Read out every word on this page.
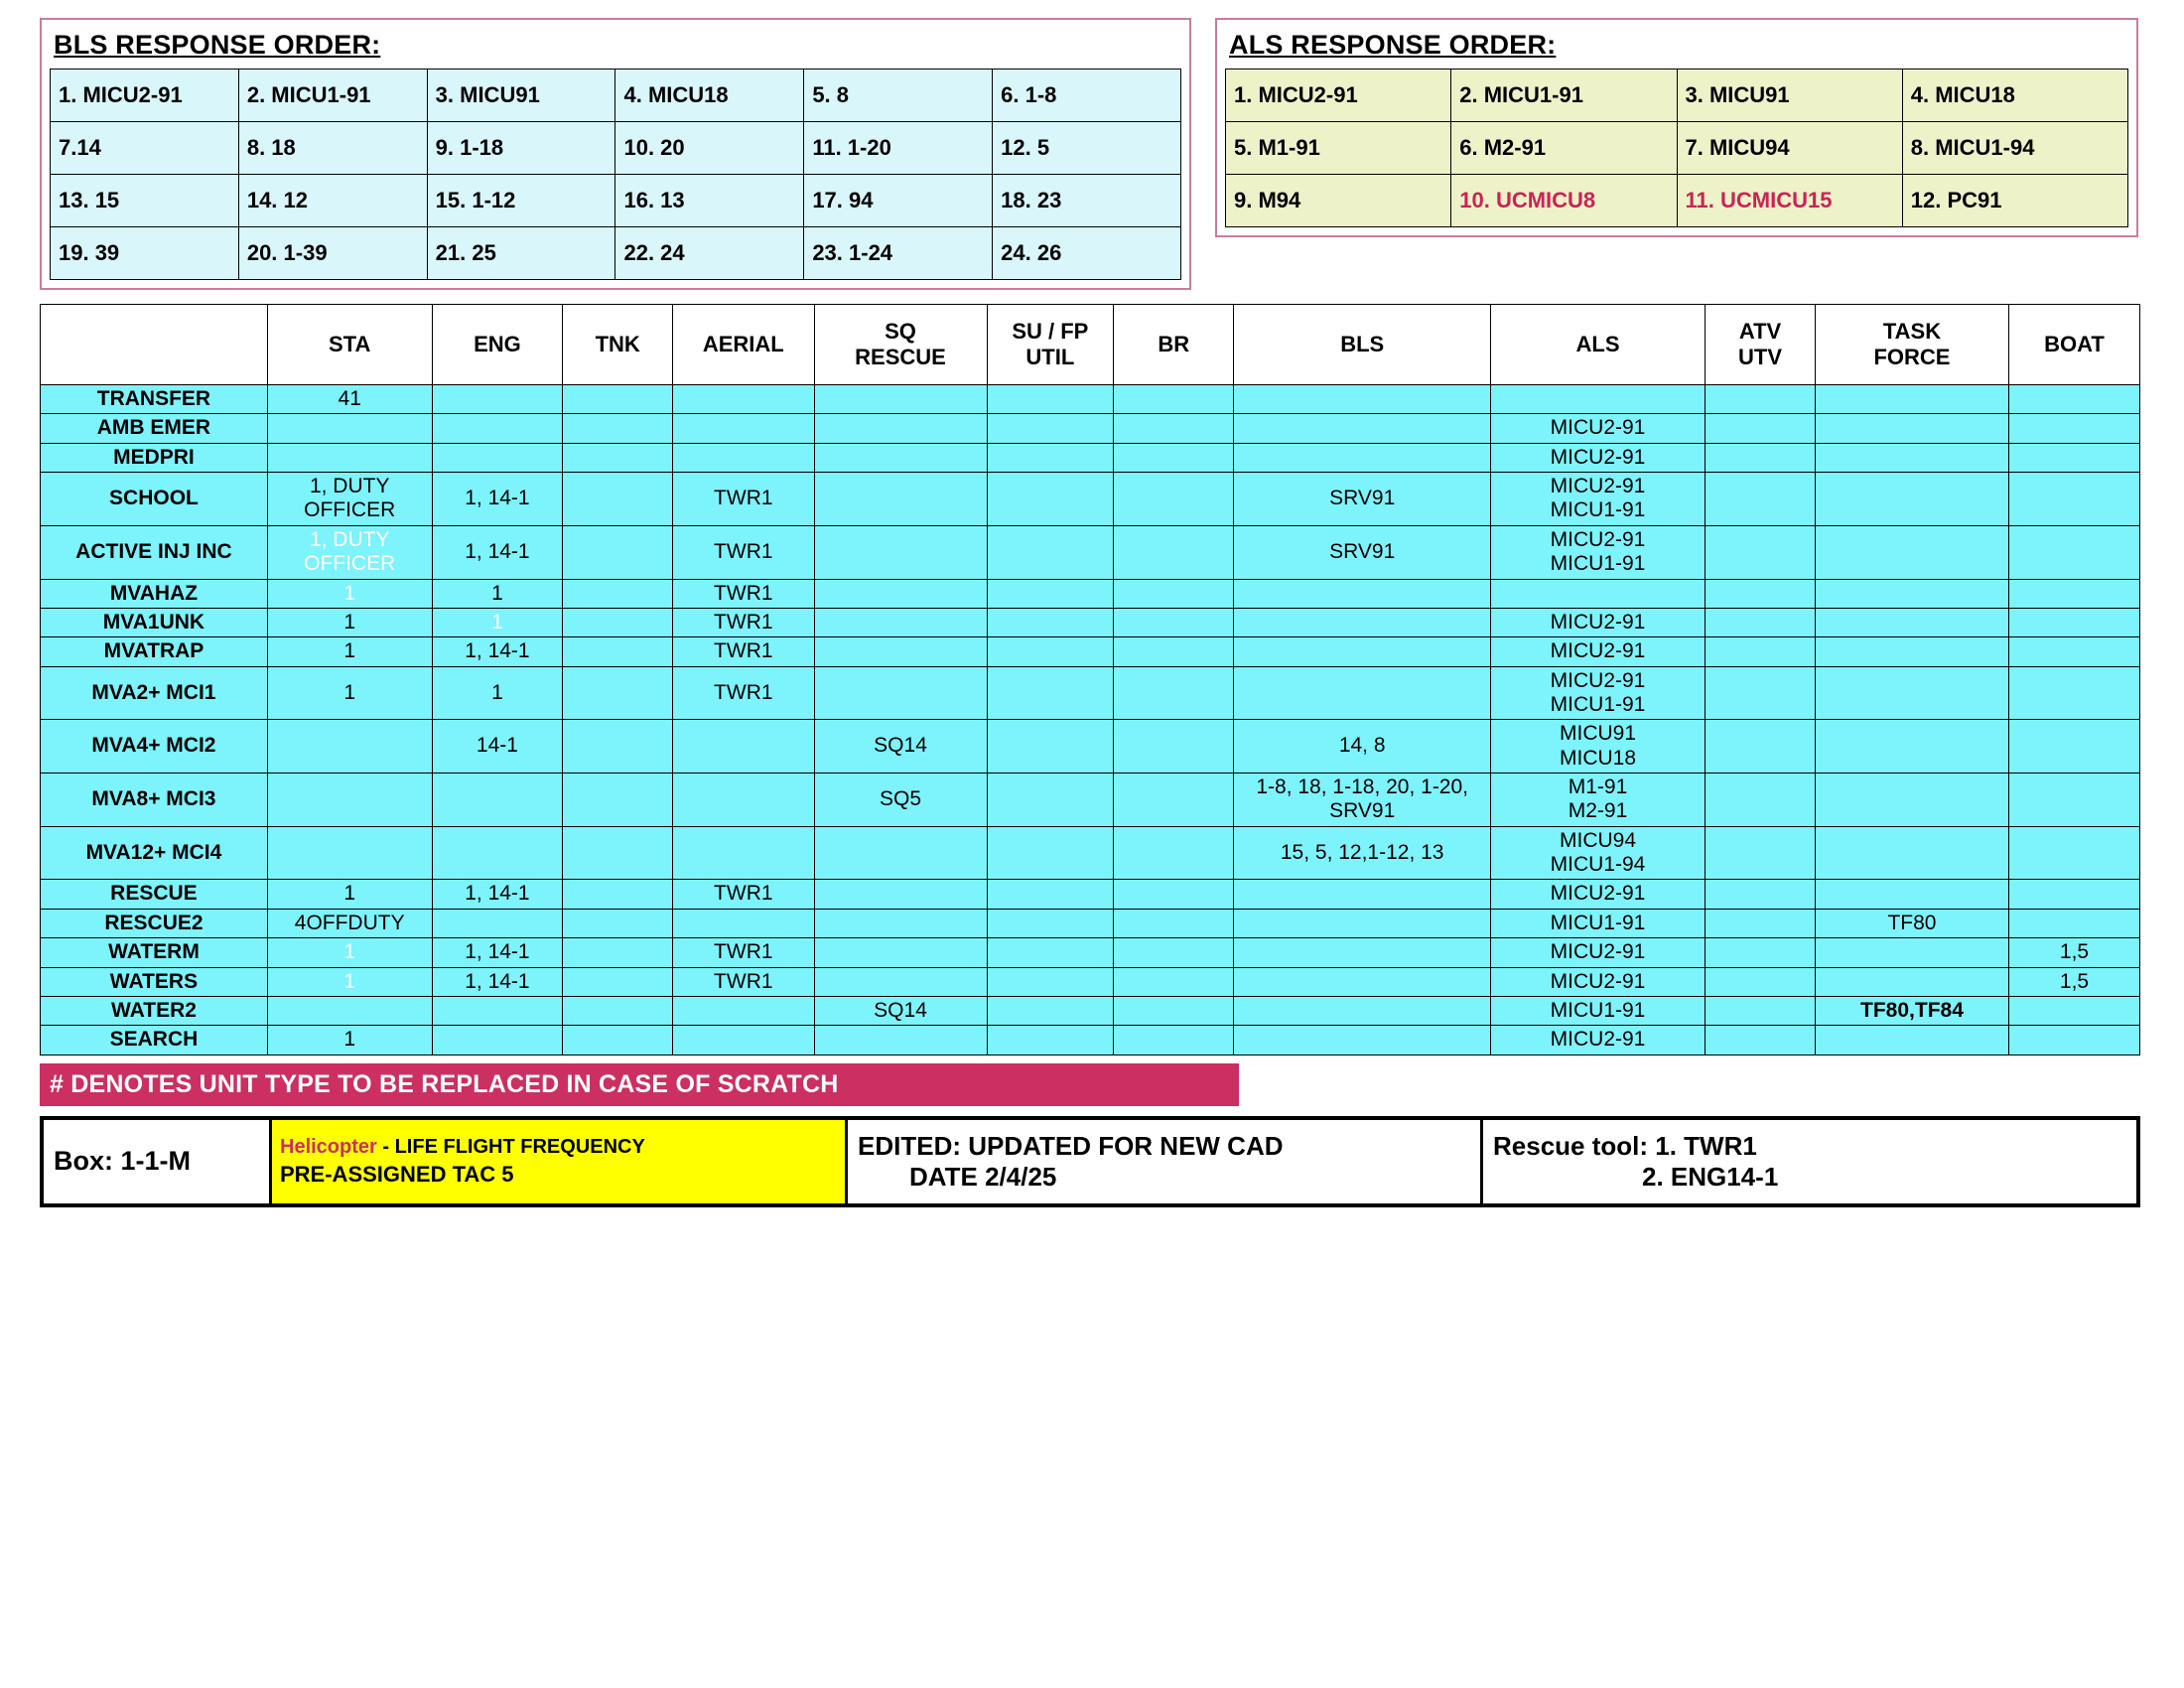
BLS RESPONSE ORDER:
1. MICU2-91	2. MICU1-91	3. MICU91	4. MICU18	5. 8	6. 1-8
7.14	8. 18	9. 1-18	10. 20	11. 1-20	12. 5
13. 15	14. 12	15. 1-12	16. 13	17. 94	18. 23
19. 39	20. 1-39	21. 25	22. 24	23. 1-24	24. 26
ALS RESPONSE ORDER:
1. MICU2-91	2. MICU1-91	3. MICU91	4. MICU18
5. M1-91	6. M2-91	7. MICU94	8. MICU1-94
9. M94	10. UCMICU8	11. UCMICU15	12. PC91
	STA	ENG	TNK	AERIAL	SQ
RESCUE	SU / FP
UTIL	BR	BLS	ALS	ATV
UTV	TASK
FORCE	BOAT
TRANSFER	41											
AMB EMER									MICU2-91			
MEDPRI									MICU2-91			
SCHOOL	1, DUTY OFFICER	1, 14-1		TWR1				SRV91	MICU2-91
MICU1-91			
ACTIVE INJ INC	1, DUTY OFFICER	1, 14-1		TWR1				SRV91	MICU2-91
MICU1-91			
MVAHAZ	1	1		TWR1								
MVA1UNK	1	1		TWR1					MICU2-91			
MVATRAP	1	1, 14-1		TWR1					MICU2-91			
MVA2+ MCI1	1	1		TWR1					MICU2-91
MICU1-91			
MVA4+ MCI2		14-1			SQ14			14, 8	MICU91
MICU18			
MVA8+ MCI3					SQ5			1-8, 18, 1-18, 20, 1-20, SRV91	M1-91
M2-91			
MVA12+ MCI4								15, 5, 12,1-12, 13	MICU94
MICU1-94			
RESCUE	1	1, 14-1		TWR1					MICU2-91			
RESCUE2	4OFFDUTY								MICU1-91		TF80	
WATERM	1	1, 14-1		TWR1					MICU2-91			1,5
WATERS	1	1, 14-1		TWR1					MICU2-91			1,5
WATER2					SQ14				MICU1-91		TF80,TF84	
SEARCH	1								MICU2-91			
# DENOTES UNIT TYPE TO BE REPLACED IN CASE OF SCRATCH
Box: 1-1-M	Helicopter - LIFE FLIGHT FREQUENCY
PRE-ASSIGNED TAC 5
EDITED: UPDATED FOR NEW CAD
DATE 2/4/25
Rescue tool: 1. TWR1
2. ENG14-1
